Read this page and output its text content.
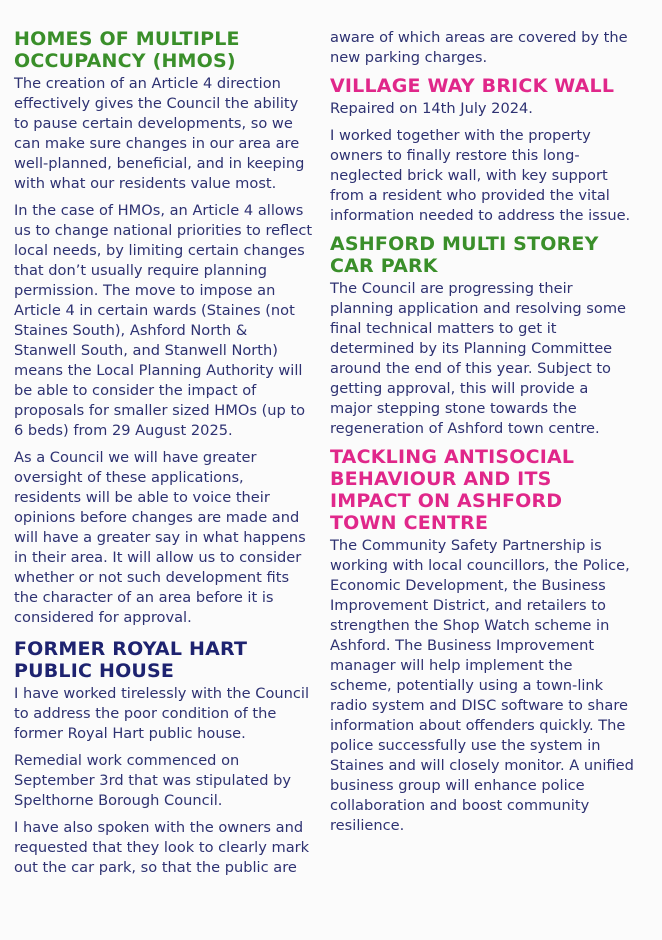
HOMES OF MULTIPLE OCCUPANCY (HMOS)

The creation of an Article 4 direction effectively gives the Council the ability to pause certain developments, so we can make sure changes in our area are well-planned, beneficial, and in keeping with what our residents value most.

In the case of HMOs, an Article 4 allows us to change national priorities to reflect local needs, by limiting certain changes that don’t usually require planning permission. The move to impose an Article 4 in certain wards (Staines (not Staines South), Ashford North & Stanwell South, and Stanwell North) means the Local Planning Authority will be able to consider the impact of proposals for smaller sized HMOs (up to 6 beds) from 29 August 2025.

As a Council we will have greater oversight of these applications, residents will be able to voice their opinions before changes are made and will have a greater say in what happens in their area. It will allow us to consider whether or not such development fits the character of an area before it is considered for approval.

FORMER ROYAL HART PUBLIC HOUSE

I have worked tirelessly with the Council to address the poor condition of the former Royal Hart public house.

Remedial work commenced on September 3rd that was stipulated by Spelthorne Borough Council.

I have also spoken with the owners and requested that they look to clearly mark out the car park, so that the public are

aware of which areas are covered by the new parking charges.

VILLAGE WAY BRICK WALL

Repaired on 14th July 2024.

I worked together with the property owners to finally restore this long-neglected brick wall, with key support from a resident who provided the vital information needed to address the issue.

ASHFORD MULTI STOREY CAR PARK

The Council are progressing their planning application and resolving some final technical matters to get it determined by its Planning Committee around the end of this year. Subject to getting approval, this will provide a major stepping stone towards the regeneration of Ashford town centre.

TACKLING ANTISOCIAL BEHAVIOUR AND ITS IMPACT ON ASHFORD TOWN CENTRE

The Community Safety Partnership is working with local councillors, the Police, Economic Development, the Business Improvement District, and retailers to strengthen the Shop Watch scheme in Ashford. The Business Improvement manager will help implement the scheme, potentially using a town-link radio system and DISC software to share information about offenders quickly. The police successfully use the system in Staines and will closely monitor. A unified business group will enhance police collaboration and boost community resilience.
